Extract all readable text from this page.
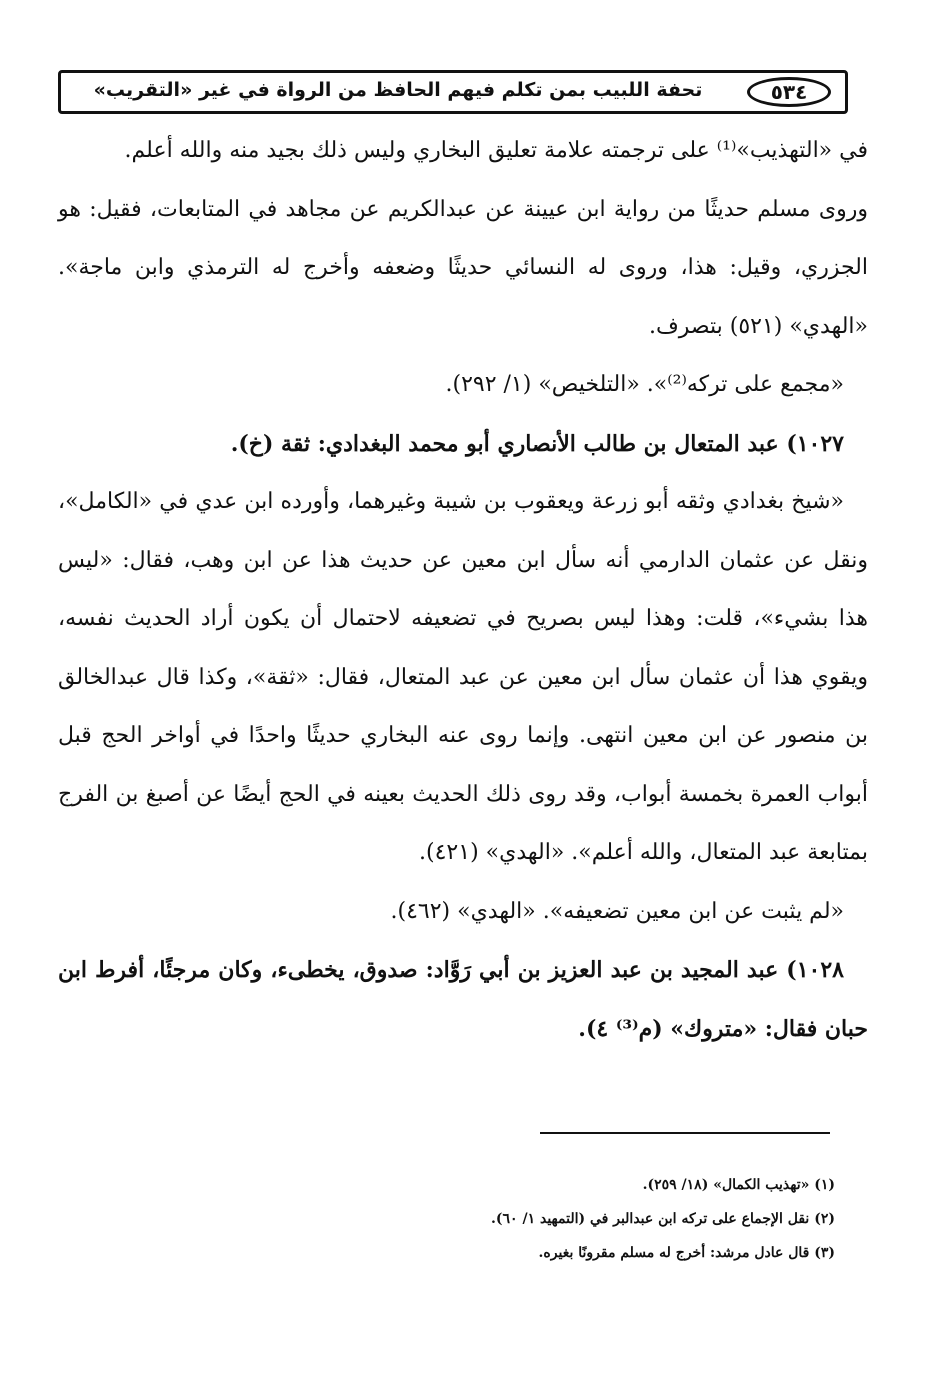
تحفة اللبيب بمن تكلم فيهم الحافظ من الرواة في غير «التقريب»	٥٣٤

في «التهذيب»⁽¹⁾ على ترجمته علامة تعليق البخاري وليس ذلك بجيد منه والله أعلم.

وروى مسلم حديثًا من رواية ابن عيينة عن عبدالكريم عن مجاهد في المتابعات، فقيل: هو الجزري، وقيل: هذا، وروى له النسائي حديثًا وضعفه وأخرج له الترمذي وابن ماجة». «الهدي» (٥٢١) بتصرف.

«مجمع على تركه⁽²⁾». «التلخيص» (١/ ٢٩٢).

١٠٢٧) عبد المتعال بن طالب الأنصاري أبو محمد البغدادي: ثقة (خ).

«شيخ بغدادي وثقه أبو زرعة ويعقوب بن شيبة وغيرهما، وأورده ابن عدي في «الكامل»، ونقل عن عثمان الدارمي أنه سأل ابن معين عن حديث هذا عن ابن وهب، فقال: «ليس هذا بشيء»، قلت: وهذا ليس بصريح في تضعيفه لاحتمال أن يكون أراد الحديث نفسه، ويقوي هذا أن عثمان سأل ابن معين عن عبد المتعال، فقال: «ثقة»، وكذا قال عبدالخالق بن منصور عن ابن معين انتهى. وإنما روى عنه البخاري حديثًا واحدًا في أواخر الحج قبل أبواب العمرة بخمسة أبواب، وقد روى ذلك الحديث بعينه في الحج أيضًا عن أصبغ بن الفرج بمتابعة عبد المتعال، والله أعلم». «الهدي» (٤٢١).

«لم يثبت عن ابن معين تضعيفه». «الهدي» (٤٦٢).

١٠٢٨) عبد المجيد بن عبد العزيز بن أبي رَوَّاد: صدوق، يخطىء، وكان مرجئًا، أفرط ابن حبان فقال: «متروك» (م⁽³⁾ ٤).

(١) «تهذيب الكمال» (١٨/ ٢٥٩).
(٢) نقل الإجماع على تركه ابن عبدالبر في (التمهيد ١/ ٦٠).
(٣) قال عادل مرشد: أخرج له مسلم مقرونًا بغيره.
